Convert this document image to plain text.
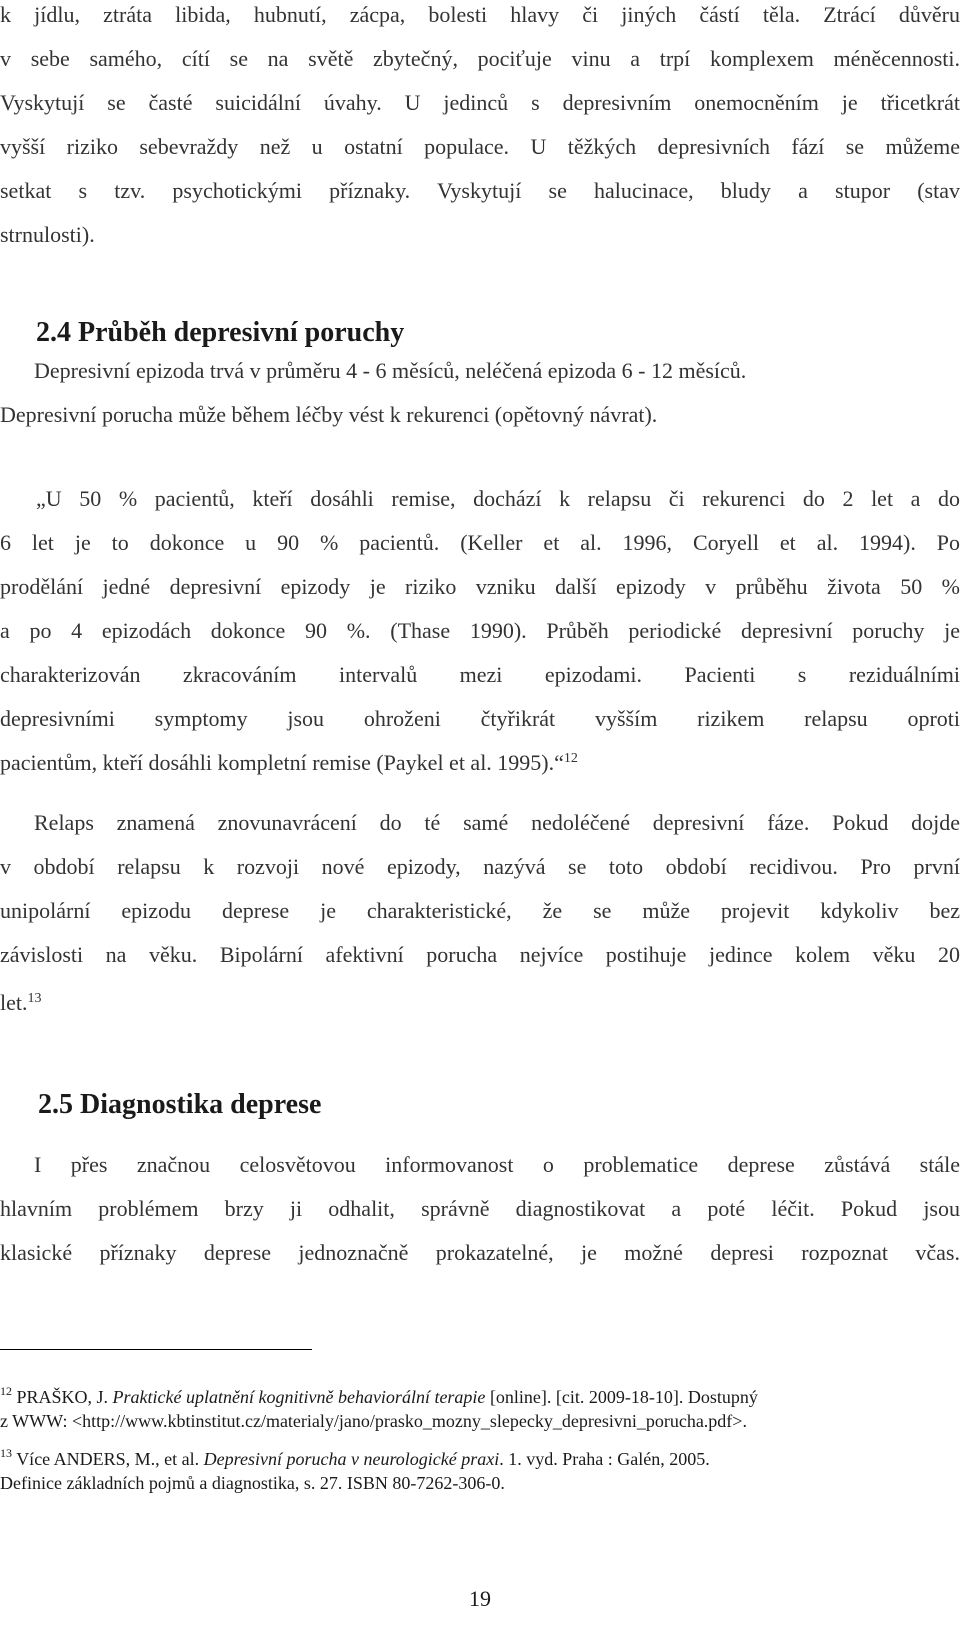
k jídlu, ztráta libida, hubnutí, zácpa, bolesti hlavy či jiných částí těla. Ztrácí důvěru
v sebe samého, cítí se na světě zbytečný, pociťuje vinu a trpí komplexem méněcennosti.
Vyskytují se časté suicidální úvahy. U jedinců s depresivním onemocněním je třicetkrát
vyšší riziko sebevraždy než u ostatní populace. U těžkých depresivních fází se můžeme
setkat s tzv. psychotickými příznaky. Vyskytují se halucinace, bludy a stupor (stav
strnulosti).
2.4 Průběh depresivní poruchy
Depresivní epizoda trvá v průměru 4 - 6 měsíců, neléčená epizoda 6 - 12 měsíců.
Depresivní porucha může během léčby vést k rekurenci (opětovný návrat).
„U 50 % pacientů, kteří dosáhli remise, dochází k relapsu či rekurenci do 2 let a do
6 let je to dokonce u 90 % pacientů. (Keller et al. 1996, Coryell et al. 1994). Po
prodělání jedné depresivní epizody je riziko vzniku další epizody v průběhu života 50 %
a po 4 epizodách dokonce 90 %. (Thase 1990). Průběh periodické depresivní poruchy je
charakterizován zkracováním intervalů mezi epizodami. Pacienti s reziduálními
depresivními symptomy jsou ohroženi čtyřikrát vyšším rizikem relapsu oproti
pacientům, kteří dosáhli kompletní remise (Paykel et al. 1995).“$^{12}$
Relaps znamená znovunavrácení do té samé nedoléčené depresivní fáze. Pokud dojde
v období relapsu k rozvoji nové epizody, nazývá se toto období recidivou. Pro první
unipolární epizodu deprese je charakteristické, že se může projevit kdykoliv bez
závislosti na věku. Bipolární afektivní porucha nejvíce postihuje jedince kolem věku 20
let.$^{13}$
2.5 Diagnostika deprese
I přes značnou celosvětovou informovanost o problematice deprese zůstává stále
hlavním problémem brzy ji odhalit, správně diagnostikovat a poté léčit. Pokud jsou
klasické příznaky deprese jednoznačně prokazatelné, je možné depresi rozpoznat včas.
$^{12}$ PRAŠKO, J. Praktické uplatnění kognitivně behaviorální terapie [online]. [cit. 2009-18-10]. Dostupný
z WWW: <http://www.kbtinstitut.cz/materialy/jano/prasko_mozny_slepecky_depresivni_porucha.pdf>.
$^{13}$ Více ANDERS, M., et al. Depresivní porucha v neurologické praxi. 1. vyd. Praha : Galén, 2005.
Definice základních pojmů a diagnostika, s. 27. ISBN 80-7262-306-0.
19
